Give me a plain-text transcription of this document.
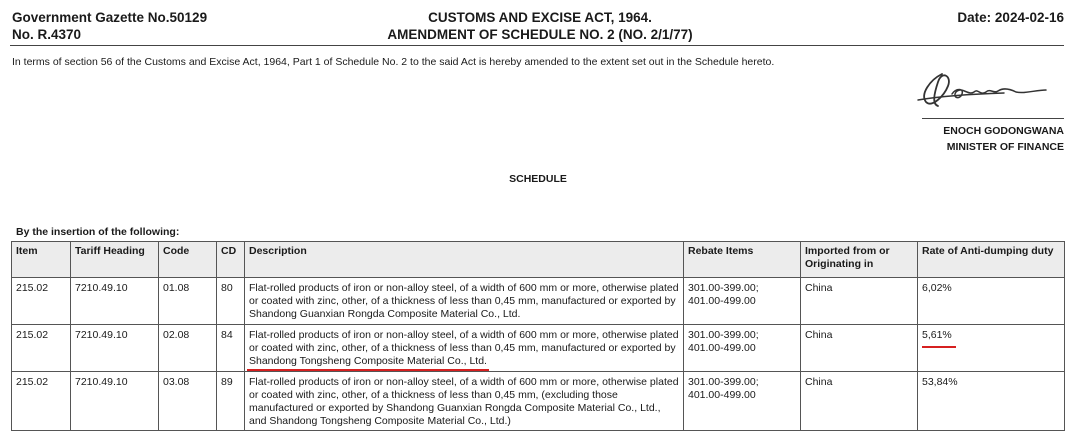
Government Gazette No.50129
No. R.4370
CUSTOMS AND EXCISE ACT, 1964.
AMENDMENT OF SCHEDULE NO. 2 (NO. 2/1/77)
Date: 2024-02-16
In terms of section 56 of the Customs and Excise Act, 1964, Part 1 of Schedule No. 2 to the said Act is hereby amended to the extent set out in the Schedule hereto.
ENOCH GODONGWANA
MINISTER OF FINANCE
SCHEDULE
By the insertion of the following:
Item	Tariff Heading	Code	CD	Description	Rebate Items	Imported from or Originating in	Rate of Anti-dumping duty
215.02	7210.49.10	01.08	80	Flat-rolled products of iron or non-alloy steel, of a width of 600 mm or more, otherwise plated or coated with zinc, other, of a thickness of less than 0,45 mm, manufactured or exported by Shandong Guanxian Rongda Composite Material Co., Ltd.	301.00-399.00;
401.00-499.00	China	6,02%
215.02	7210.49.10	02.08	84	Flat-rolled products of iron or non-alloy steel, of a width of 600 mm or more, otherwise plated or coated with zinc, other, of a thickness of less than 0,45 mm, manufactured or exported by Shandong Tongsheng Composite Material Co., Ltd.	301.00-399.00;
401.00-499.00	China	5,61%
215.02	7210.49.10	03.08	89	Flat-rolled products of iron or non-alloy steel, of a width of 600 mm or more, otherwise plated or coated with zinc, other, of a thickness of less than 0,45 mm, (excluding those manufactured or exported by Shandong Guanxian Rongda Composite Material Co., Ltd., and Shandong Tongsheng Composite Material Co., Ltd.)	301.00-399.00;
401.00-499.00	China	53,84%
